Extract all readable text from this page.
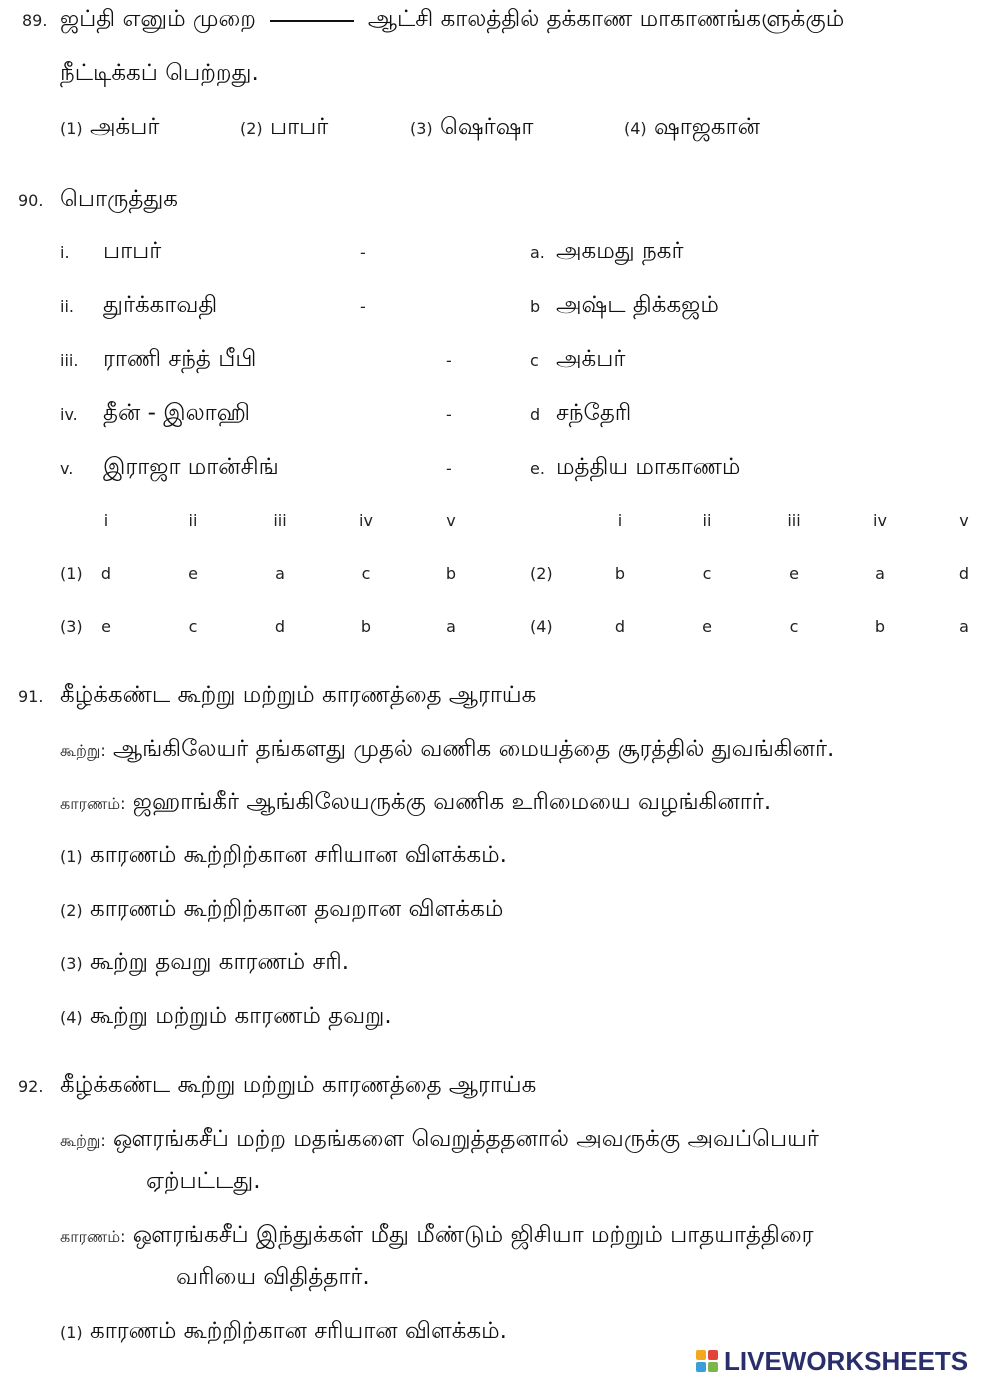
89. ஜப்தி எனும் முறை	ஆட்சி காலத்தில் தக்காண மாகாணங்களுக்கும்
நீட்டிக்கப் பெற்றது.
(1) அக்பர்	(2) பாபர்	(3) ஷெர்ஷா	(4) ஷாஜகான்
90. பொருத்துக
i. பாபர்	-	a. அகமது நகர்
ii. துர்க்காவதி	-	b அஷ்ட திக்கஜம்
iii. ராணி சந்த் பீபி	-	c அக்பர்
iv. தீன் - இலாஹி	-	d சந்தேரி
v. இராஜா மான்சிங்	-	e. மத்திய மாகாணம்
i	ii	iii	iv	v	i	ii	iii	iv	v
(1)	d	e	a	c	b	(2)	b	c	e	a	d
(3)	e	c	d	b	a	(4)	d	e	c	b	a
91. கீழ்க்கண்ட கூற்று மற்றும் காரணத்தை ஆராய்க
கூற்று: ஆங்கிலேயர் தங்களது முதல் வணிக மையத்தை சூரத்தில் துவங்கினர்.
காரணம்: ஜஹாங்கீர் ஆங்கிலேயருக்கு வணிக உரிமையை வழங்கினார்.
(1) காரணம் கூற்றிற்கான சரியான விளக்கம்.
(2) காரணம் கூற்றிற்கான தவறான விளக்கம்
(3) கூற்று தவறு காரணம் சரி.
(4) கூற்று மற்றும் காரணம் தவறு.
92. கீழ்க்கண்ட கூற்று மற்றும் காரணத்தை ஆராய்க
கூற்று: ஔரங்கசீப் மற்ற மதங்களை வெறுத்ததனால் அவருக்கு அவப்பெயர்
ஏற்பட்டது.
காரணம்: ஔரங்கசீப் இந்துக்கள் மீது மீண்டும் ஜிசியா மற்றும் பாதயாத்திரை
வரியை விதித்தார்.
(1) காரணம் கூற்றிற்கான சரியான விளக்கம்.
LIVEWORKSHEETS
